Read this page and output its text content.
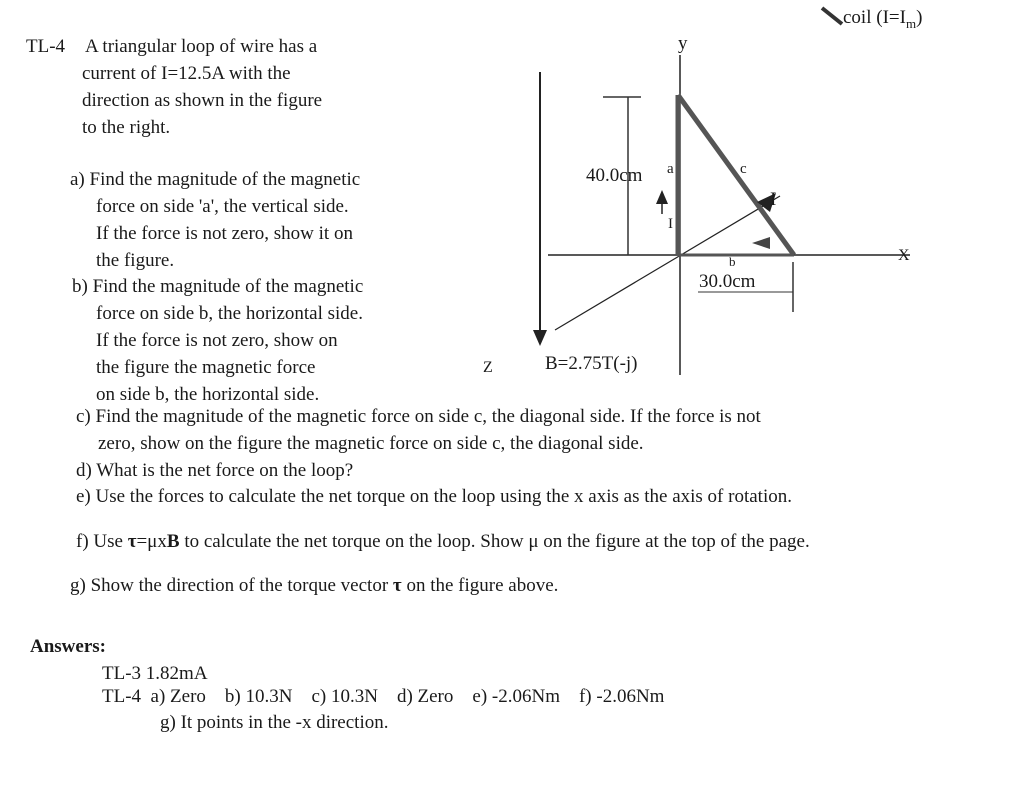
coil $(I=I_m)$
TL-4 A triangular loop of wire has a
current of I=12.5A with the
direction as shown in the figure
to the right.
a) Find the magnitude of the magnetic
force on side 'a', the vertical side.
If the force is not zero, show it on
the figure.
b) Find the magnitude of the magnetic
force on side b, the horizontal side.
If the force is not zero, show on
the figure the magnetic force
on side b, the horizontal side.
c) Find the magnitude of the magnetic force on side c, the diagonal side. If the force is not
zero, show on the figure the magnetic force on side c, the diagonal side.
d) What is the net force on the loop?
e) Use the forces to calculate the net torque on the loop using the x axis as the axis of rotation.
f) Use τ=μxB to calculate the net torque on the loop. Show μ on the figure at the top of the page.
g) Show the direction of the torque vector τ on the figure above.
Answers:
TL-3 1.82mA
TL-4  a) Zero    b) 10.3N    c) 10.3N    d) Zero    e) -2.06Nm    f) -2.06Nm
g) It points in the -x direction.
y
X
Z
40.0cm a	c
I
I
b
30.0cm
B=2.75T(-j)
